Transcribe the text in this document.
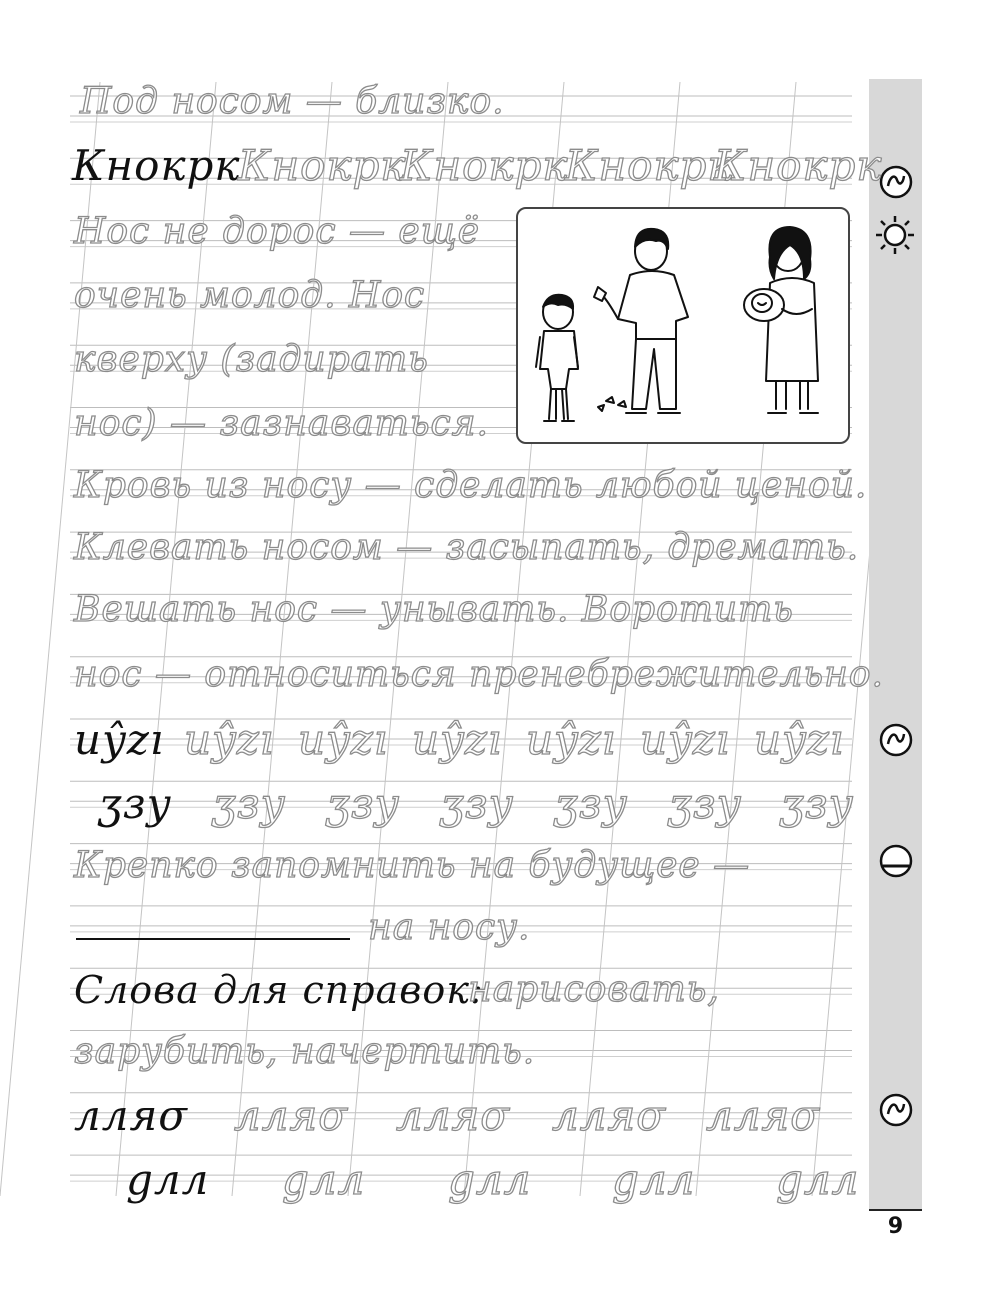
9
Под носом — близко.
Кнокрк
Кнокрк
Кнокрк
Кнокрк
Кнокрк
Нос не дорос — ещё
очень молод. Нос
кверху (задирать
нос) — зазнаваться.
Кровь из носу — сделать любой ценой.
Клевать носом — засыпать, дремать.
Вешать нос — унывать. Воротить
нос — относиться пренебрежительно.
uŷzı uŷzı uŷzı uŷzı uŷzı uŷzı uŷzı
ʒзy ʒзy ʒзy ʒзy ʒзy ʒзy ʒзy
Крепко запомнить на будущее —
на носу.
Слова для справок:
нарисовать,
зарубить, начертить.
лляσ лляσ лляσ лляσ лляσ
gлл gлл gлл gлл gлл
